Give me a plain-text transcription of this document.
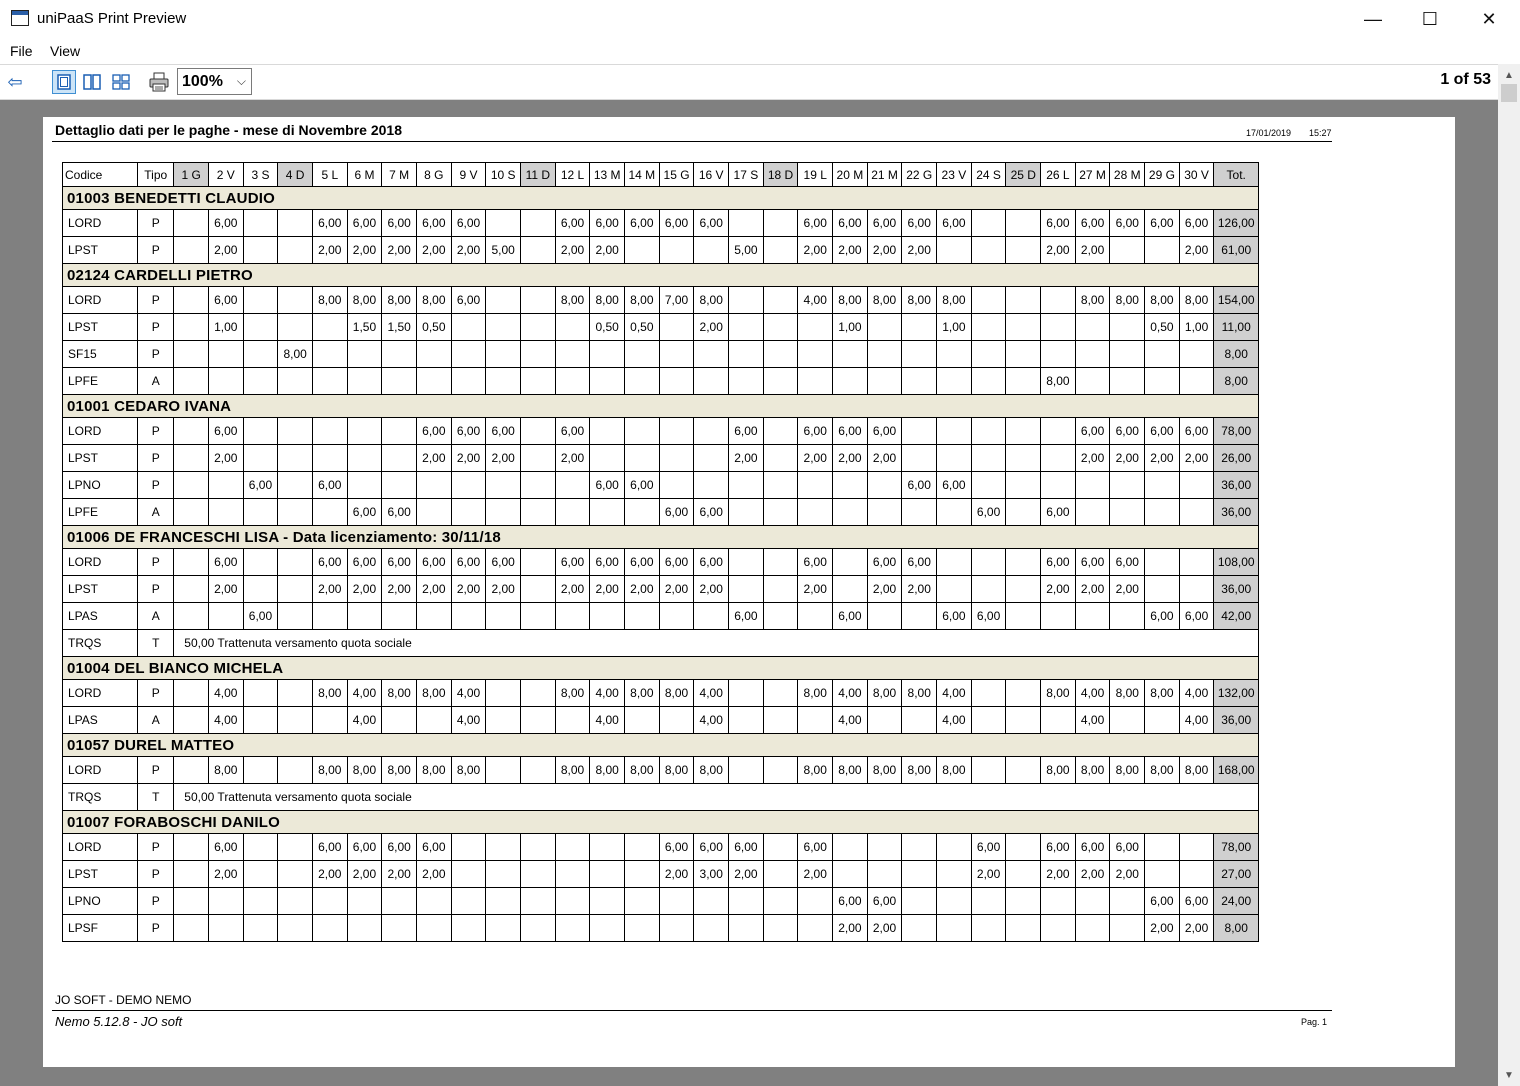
uniPaaS Print Preview	—	☐	✕
File View
⇦	100% ⌵	1 of 53	▲
▼
Dettaglio dati per le paghe - mese di Novembre 2018	17/01/2019 15:27
Codice	Tipo	1 G	2 V	3 S	4 D	5 L	6 M	7 M	8 G	9 V	10 S	11 D	12 L	13 M	14 M	15 G	16 V	17 S	18 D	19 L	20 M	21 M	22 G	23 V	24 S	25 D	26 L	27 M	28 M	29 G	30 V	Tot.
01003 BENEDETTI CLAUDIO																																
LORD	P		6,00			6,00	6,00	6,00	6,00	6,00			6,00	6,00	6,00	6,00	6,00			6,00	6,00	6,00	6,00	6,00			6,00	6,00	6,00	6,00	6,00	126,00
LPST	P		2,00			2,00	2,00	2,00	2,00	2,00	5,00		2,00	2,00				5,00		2,00	2,00	2,00	2,00				2,00	2,00			2,00	61,00
02124 CARDELLI PIETRO																																
LORD	P		6,00			8,00	8,00	8,00	8,00	6,00			8,00	8,00	8,00	7,00	8,00			4,00	8,00	8,00	8,00	8,00				8,00	8,00	8,00	8,00	154,00
LPST	P		1,00				1,50	1,50	0,50					0,50	0,50		2,00				1,00			1,00						0,50	1,00	11,00
SF15	P				8,00																											8,00
LPFE	A																										8,00					8,00
01001 CEDARO IVANA																																
LORD	P		6,00						6,00	6,00	6,00		6,00					6,00		6,00	6,00	6,00						6,00	6,00	6,00	6,00	78,00
LPST	P		2,00						2,00	2,00	2,00		2,00					2,00		2,00	2,00	2,00						2,00	2,00	2,00	2,00	26,00
LPNO	P			6,00		6,00								6,00	6,00								6,00	6,00								36,00
LPFE	A						6,00	6,00								6,00	6,00								6,00		6,00					36,00
01006 DE FRANCESCHI LISA - Data licenziamento: 30/11/18																																
LORD	P		6,00			6,00	6,00	6,00	6,00	6,00	6,00		6,00	6,00	6,00	6,00	6,00			6,00		6,00	6,00				6,00	6,00	6,00			108,00
LPST	P		2,00			2,00	2,00	2,00	2,00	2,00	2,00		2,00	2,00	2,00	2,00	2,00			2,00		2,00	2,00				2,00	2,00	2,00			36,00
LPAS	A			6,00														6,00			6,00			6,00	6,00					6,00	6,00	42,00
TRQS	T	50,00 Trattenuta versamento quota sociale																														
01004 DEL BIANCO MICHELA																																
LORD	P		4,00			8,00	4,00	8,00	8,00	4,00			8,00	4,00	8,00	8,00	4,00			8,00	4,00	8,00	8,00	4,00			8,00	4,00	8,00	8,00	4,00	132,00
LPAS	A		4,00				4,00			4,00				4,00			4,00				4,00			4,00				4,00			4,00	36,00
01057 DUREL MATTEO																																
LORD	P		8,00			8,00	8,00	8,00	8,00	8,00			8,00	8,00	8,00	8,00	8,00			8,00	8,00	8,00	8,00	8,00			8,00	8,00	8,00	8,00	8,00	168,00
TRQS	T	50,00 Trattenuta versamento quota sociale																														
01007 FORABOSCHI DANILO																																
LORD	P		6,00			6,00	6,00	6,00	6,00							6,00	6,00	6,00		6,00					6,00		6,00	6,00	6,00			78,00
LPST	P		2,00			2,00	2,00	2,00	2,00							2,00	3,00	2,00		2,00					2,00		2,00	2,00	2,00			27,00
LPNO	P																				6,00	6,00								6,00	6,00	24,00
LPSF	P																				2,00	2,00								2,00	2,00	8,00
JO SOFT - DEMO NEMO
Nemo 5.12.8 - JO soft	Pag. 1
